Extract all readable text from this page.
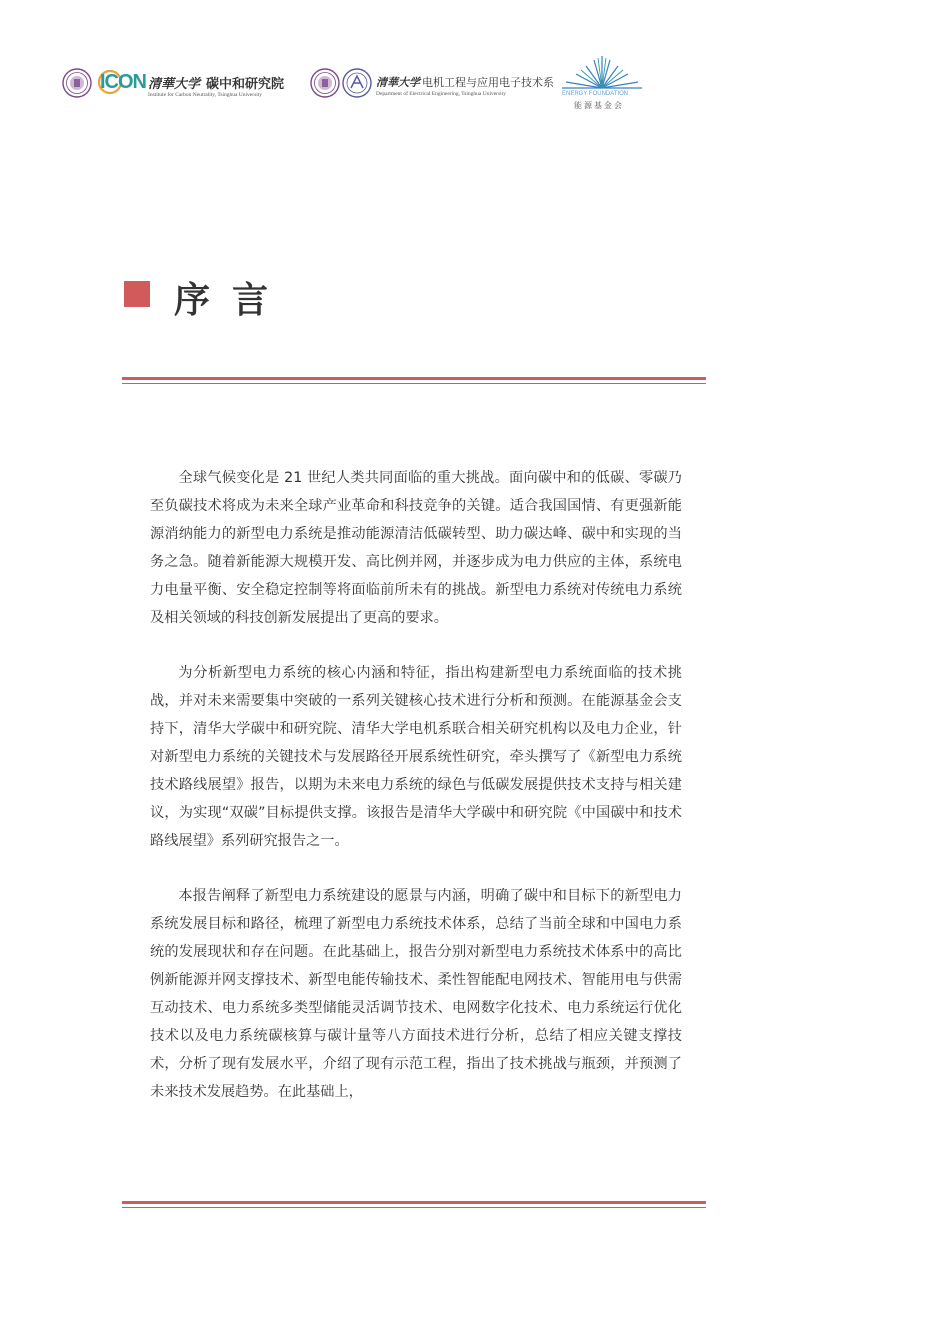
ICON 清華大学 碳中和研究院
Institute for Carbon Neutrality, Tsinghua University
清華大学 电机工程与应用电子技术系
Department of Electrical Engineering, Tsinghua University	ENERGY FOUNDATION
能源基金会
序言

全球气候变化是 21 世纪人类共同面临的重大挑战。面向碳中和的低碳、零碳乃至负碳技术将成为未来全球产业革命和科技竞争的关键。适合我国国情、有更强新能源消纳能力的新型电力系统是推动能源清洁低碳转型、助力碳达峰、碳中和实现的当务之急。随着新能源大规模开发、高比例并网，并逐步成为电力供应的主体，系统电力电量平衡、安全稳定控制等将面临前所未有的挑战。新型电力系统对传统电力系统及相关领域的科技创新发展提出了更高的要求。

为分析新型电力系统的核心内涵和特征，指出构建新型电力系统面临的技术挑战，并对未来需要集中突破的一系列关键核心技术进行分析和预测。在能源基金会支持下，清华大学碳中和研究院、清华大学电机系联合相关研究机构以及电力企业，针对新型电力系统的关键技术与发展路径开展系统性研究，牵头撰写了《新型电力系统技术路线展望》报告，以期为未来电力系统的绿色与低碳发展提供技术支持与相关建议，为实现“双碳”目标提供支撑。该报告是清华大学碳中和研究院《中国碳中和技术路线展望》系列研究报告之一。

本报告阐释了新型电力系统建设的愿景与内涵，明确了碳中和目标下的新型电力系统发展目标和路径，梳理了新型电力系统技术体系，总结了当前全球和中国电力系统的发展现状和存在问题。在此基础上，报告分别对新型电力系统技术体系中的高比例新能源并网支撑技术、新型电能传输技术、柔性智能配电网技术、智能用电与供需互动技术、电力系统多类型储能灵活调节技术、电网数字化技术、电力系统运行优化技术以及电力系统碳核算与碳计量等八方面技术进行分析，总结了相应关键支撑技术，分析了现有发展水平，介绍了现有示范工程，指出了技术挑战与瓶颈，并预测了未来技术发展趋势。在此基础上，
